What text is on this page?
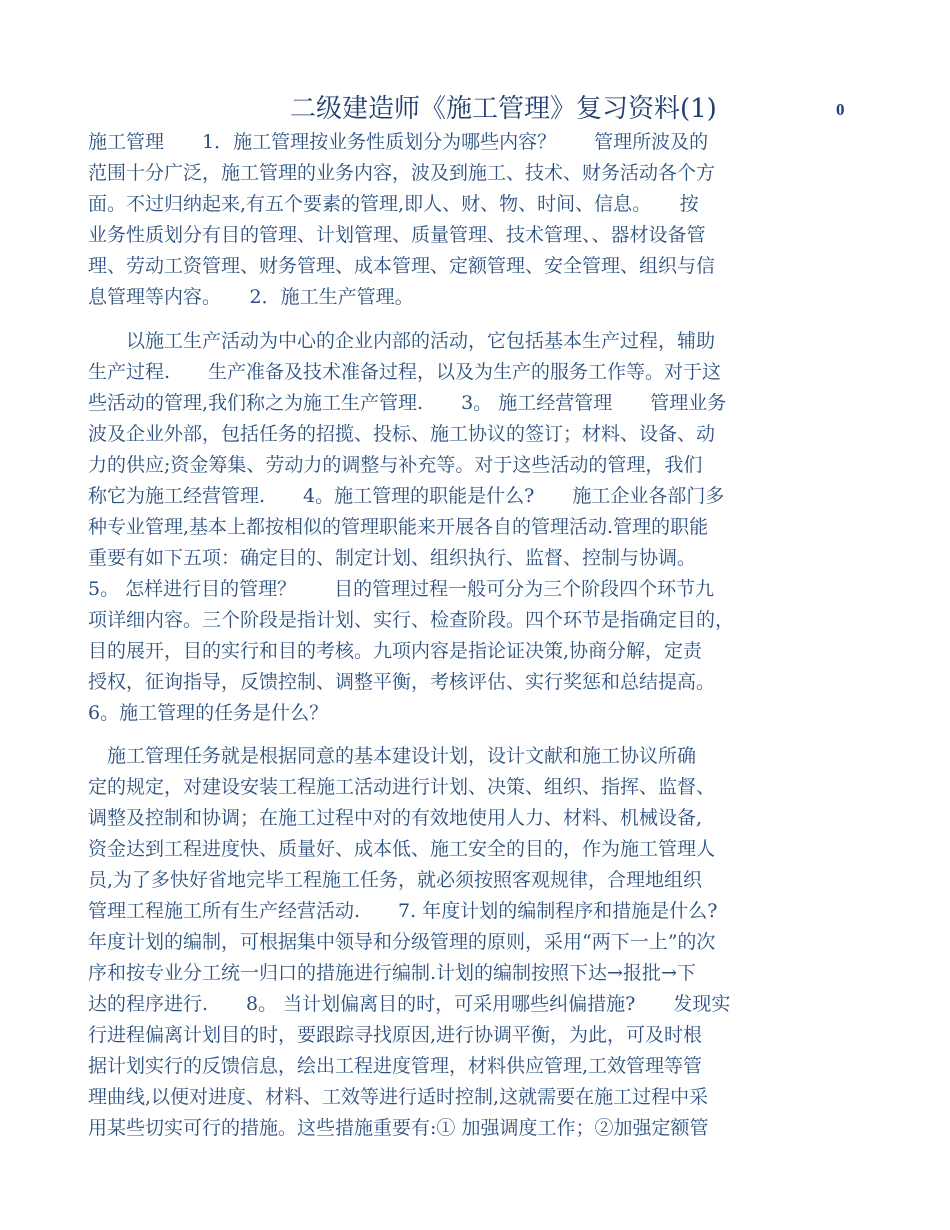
二级建造师《施工管理》复习资料(1)	0
施工管理　　1．施工管理按业务性质划分为哪些内容？　　管理所波及的
范围十分广泛，施工管理的业务内容，波及到施工、技术、财务活动各个方
面。不过归纳起来,有五个要素的管理,即人、财、物、时间、信息。　　按
业务性质划分有目的管理、计划管理、质量管理、技术管理、、器材设备管
理、劳动工资管理、财务管理、成本管理、定额管理、安全管理、组织与信
息管理等内容。　　2．施工生产管理。
　　以施工生产活动为中心的企业内部的活动，它包括基本生产过程，辅助
生产过程.　　生产准备及技术准备过程，以及为生产的服务工作等。对于这
些活动的管理,我们称之为施工生产管理.　　3。 施工经营管理　　管理业务
波及企业外部，包括任务的招揽、投标、施工协议的签订；材料、设备、动
力的供应;资金筹集、劳动力的调整与补充等。对于这些活动的管理，我们
称它为施工经营管理.　　4。施工管理的职能是什么?　　施工企业各部门多
种专业管理,基本上都按相似的管理职能来开展各自的管理活动.管理的职能
重要有如下五项：确定目的、制定计划、组织执行、监督、控制与协调。
5。 怎样进行目的管理？　　目的管理过程一般可分为三个阶段四个环节九
项详细内容。三个阶段是指计划、实行、检查阶段。四个环节是指确定目的，
目的展开，目的实行和目的考核。九项内容是指论证决策,协商分解，定责
授权，征询指导，反馈控制、调整平衡，考核评估、实行奖惩和总结提高。
6。施工管理的任务是什么？
　施工管理任务就是根据同意的基本建设计划，设计文献和施工协议所确
定的规定，对建设安装工程施工活动进行计划、决策、组织、指挥、监督、
调整及控制和协调；在施工过程中对的有效地使用人力、材料、机械设备,
资金达到工程进度快、质量好、成本低、施工安全的目的，作为施工管理人
员,为了多快好省地完毕工程施工任务，就必须按照客观规律，合理地组织
管理工程施工所有生产经营活动.　　7. 年度计划的编制程序和措施是什么?
年度计划的编制，可根据集中领导和分级管理的原则，采用“两下一上”的次
序和按专业分工统一归口的措施进行编制.计划的编制按照下达→报批→下
达的程序进行.　　8。 当计划偏离目的时，可采用哪些纠偏措施?　　发现实
行进程偏离计划目的时，要跟踪寻找原因,进行协调平衡，为此，可及时根
据计划实行的反馈信息，绘出工程进度管理，材料供应管理,工效管理等管
理曲线,以便对进度、材料、工效等进行适时控制,这就需要在施工过程中采
用某些切实可行的措施。这些措施重要有:① 加强调度工作；②加强定额管
